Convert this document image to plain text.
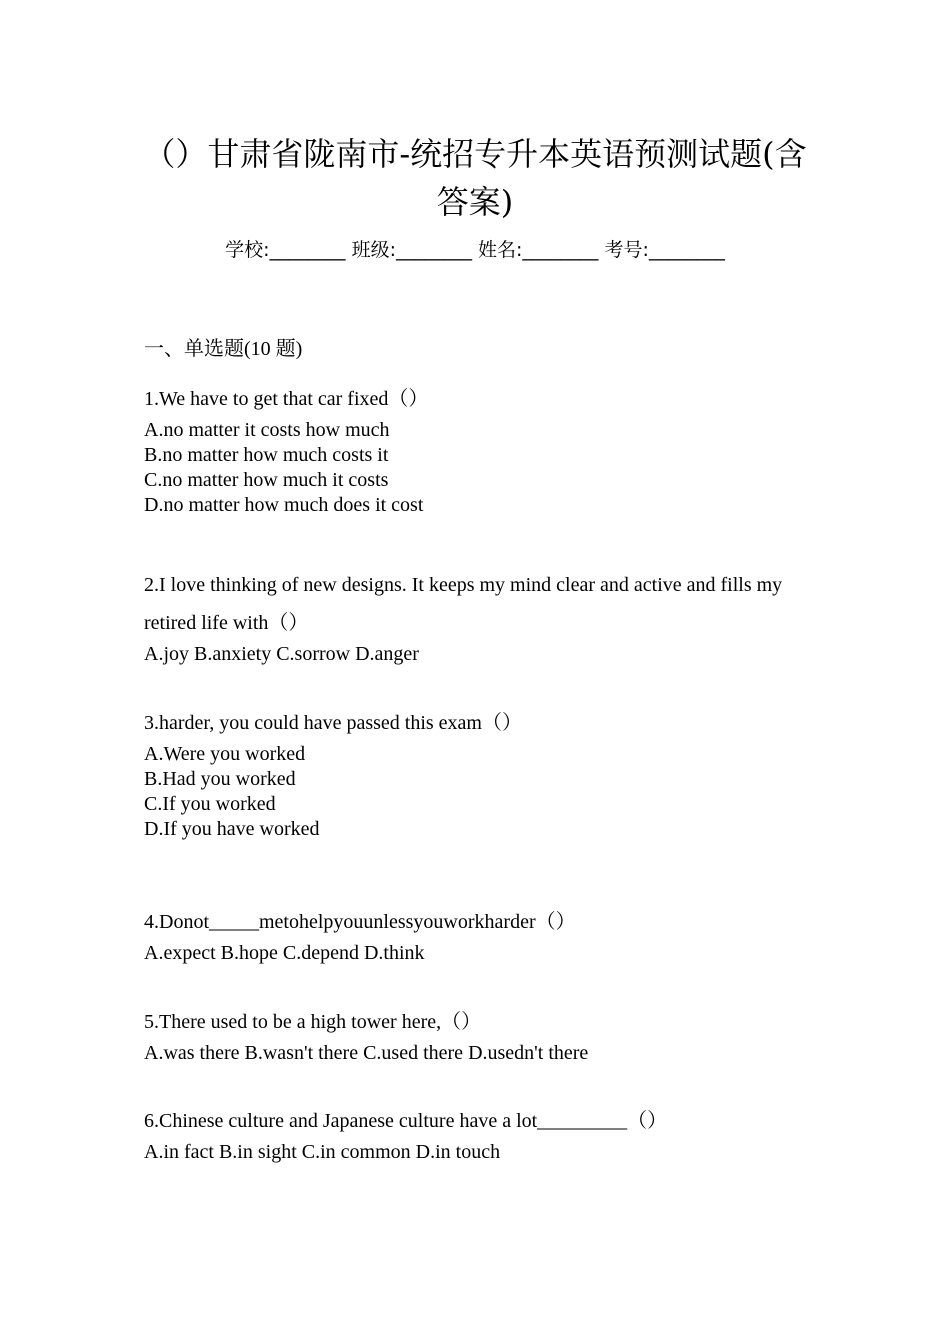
（）甘肃省陇南市-统招专升本英语预测试题(含答案)
学校:________ 班级:________ 姓名:________ 考号:________
一、单选题(10 题)

1.We have to get that car fixed（）

A.no matter it costs how much
B.no matter how much costs it
C.no matter how much it costs
D.no matter how much does it cost

2.I love thinking of new designs. It keeps my mind clear and active and fills my retired life with（）

A.joy B.anxiety C.sorrow D.anger

3.harder, you could have passed this exam（）

A.Were you worked
B.Had you worked
C.If you worked
D.If you have worked

4.Donot_____metohelpyouunlessyouworkharder（）

A.expect B.hope C.depend D.think

5.There used to be a high tower here,（）

A.was there B.wasn't there C.used there D.usedn't there

6.Chinese culture and Japanese culture have a lot_________（）

A.in fact B.in sight C.in common D.in touch
